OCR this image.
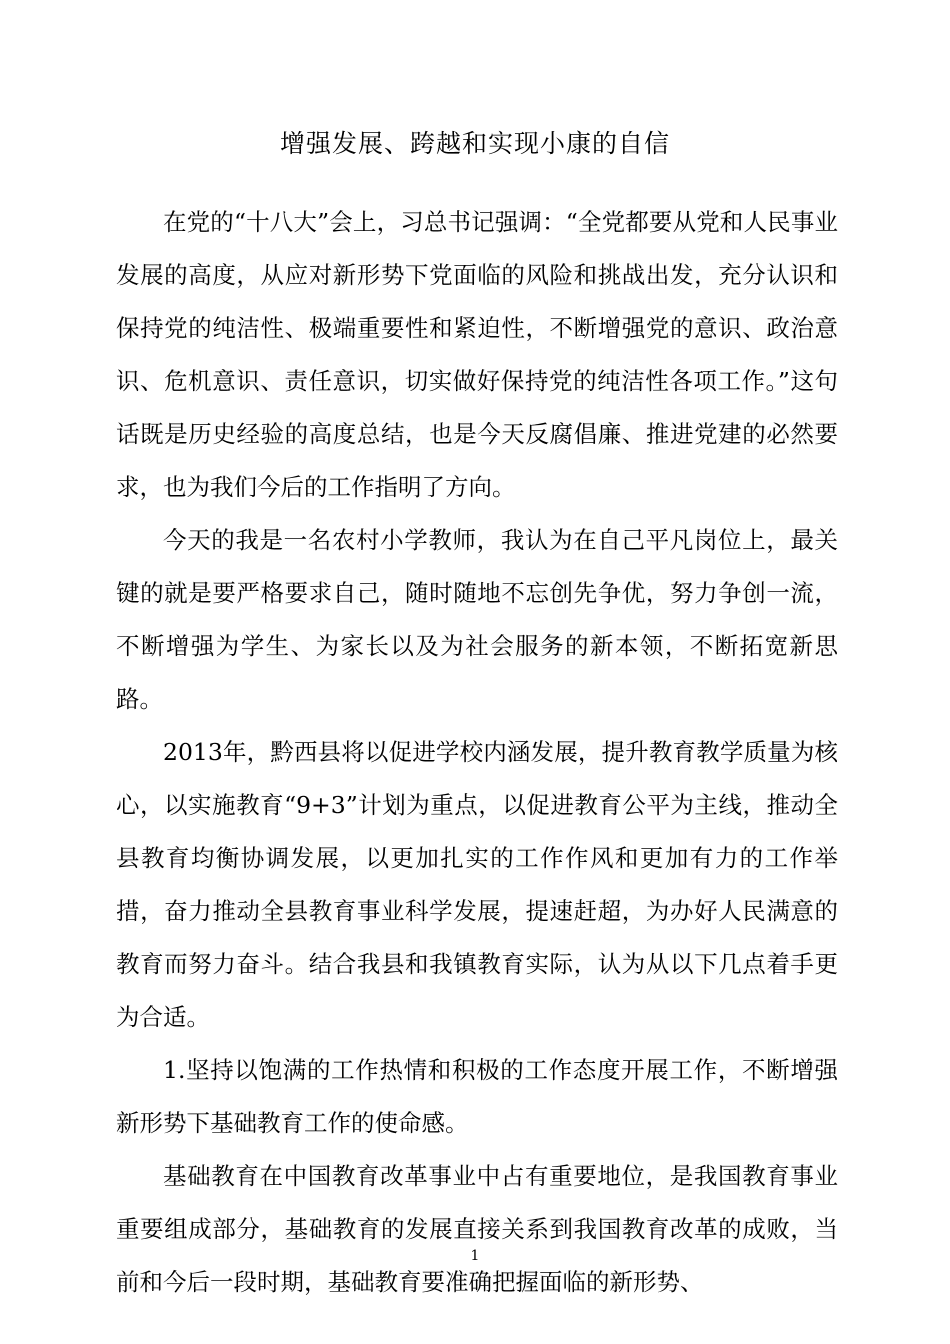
增强发展、跨越和实现小康的自信

在党的“十八大”会上，习总书记强调：“全党都要从党和人民事业发展的高度，从应对新形势下党面临的风险和挑战出发，充分认识和保持党的纯洁性、极端重要性和紧迫性，不断增强党的意识、政治意识、危机意识、责任意识，切实做好保持党的纯洁性各项工作。”这句话既是历史经验的高度总结，也是今天反腐倡廉、推进党建的必然要求，也为我们今后的工作指明了方向。

今天的我是一名农村小学教师，我认为在自己平凡岗位上，最关键的就是要严格要求自己，随时随地不忘创先争优，努力争创一流，不断增强为学生、为家长以及为社会服务的新本领，不断拓宽新思路。

2013年，黔西县将以促进学校内涵发展，提升教育教学质量为核心，以实施教育“9+3”计划为重点，以促进教育公平为主线，推动全县教育均衡协调发展，以更加扎实的工作作风和更加有力的工作举措，奋力推动全县教育事业科学发展，提速赶超，为办好人民满意的教育而努力奋斗。结合我县和我镇教育实际，认为从以下几点着手更为合适。

1.坚持以饱满的工作热情和积极的工作态度开展工作，不断增强新形势下基础教育工作的使命感。

基础教育在中国教育改革事业中占有重要地位，是我国教育事业重要组成部分，基础教育的发展直接关系到我国教育改革的成败，当前和今后一段时期，基础教育要准确把握面临的新形势、

1
